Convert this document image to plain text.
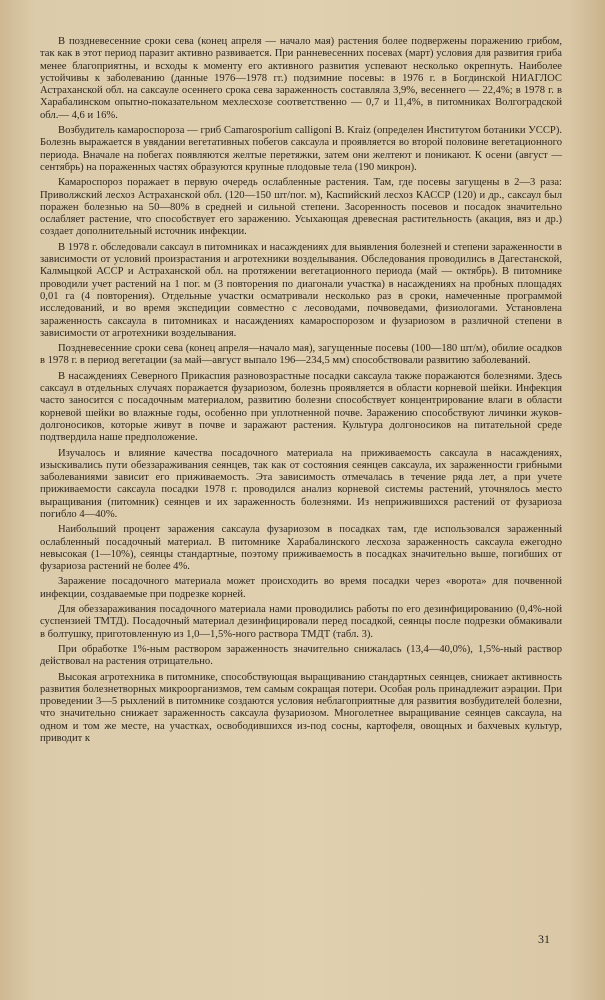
В поздневесенние сроки сева (конец апреля — начало мая) растения более подвержены поражению грибом, так как в этот период паразит активно развивается. При ранневесенних посевах (март) условия для развития гриба менее благоприятны, и всходы к моменту его активного развития успевают несколько окрепнуть. Наиболее устойчивы к заболеванию (данные 1976—1978 гг.) подзимние посевы: в 1976 г. в Богдинской НИАГЛОС Астраханской обл. на саксауле осеннего срока сева зараженность составляла 3,9%, весеннего — 22,4%; в 1978 г. в Харабалинском опытно-показательном мехлесхозе соответственно — 0,7 и 11,4%, в питомниках Волгоградской обл.— 4,6 и 16%.

Возбудитель камароспороза — гриб Camarosporium calligoni B. Kraiz (определен Институтом ботаники УССР). Болезнь выражается в увядании вегетативных побегов саксаула и проявляется во второй половине вегетационного периода. Вначале на побегах появляются желтые перетяжки, затем они желтеют и поникают. К осени (август — сентябрь) на пораженных частях образуются крупные плодовые тела (190 микрон).

Камароспороз поражает в первую очередь ослабленные растения. Там, где посевы загущены в 2—3 раза: Приволжский лесхоз Астраханской обл. (120—150 шт/пог. м), Каспийский лесхоз КАССР (120) и др., саксаул был поражен болезнью на 50—80% в средней и сильной степени. Засоренность посевов и посадок значительно ослабляет растение, что способствует его заражению. Усыхающая древесная растительность (акация, вяз и др.) создает дополнительный источник инфекции.

В 1978 г. обследовали саксаул в питомниках и насаждениях для выявления болезней и степени зараженности в зависимости от условий произрастания и агротехники возделывания. Обследования проводились в Дагестанской, Калмыцкой АССР и Астраханской обл. на протяжении вегетационного периода (май — октябрь). В питомнике проводили учет растений на 1 пог. м (3 повторения по диагонали участка) в насаждениях на пробных площадях 0,01 га (4 повторения). Отдельные участки осматривали несколько раз в сроки, намеченные программой исследований, и во время экспедиции совместно с лесоводами, почвоведами, физиологами. Установлена зараженность саксаула в питомниках и насаждениях камароспорозом и фузариозом в различной степени в зависимости от агротехники возделывания.

Поздневесенние сроки сева (конец апреля—начало мая), загущенные посевы (100—180 шт/м), обилие осадков в 1978 г. в период вегетации (за май—август выпало 196—234,5 мм) способствовали развитию заболеваний.

В насаждениях Северного Прикаспия разновозрастные посадки саксаула также поражаются болезнями. Здесь саксаул в отдельных случаях поражается фузариозом, болезнь проявляется в области корневой шейки. Инфекция часто заносится с посадочным материалом, развитию болезни способствует концентрирование влаги в области корневой шейки во влажные годы, особенно при уплотненной почве. Заражению способствуют личинки жуков-долгоносиков, которые живут в почве и заражают растения. Культура долгоносиков на питательной среде подтвердила наше предположение.

Изучалось и влияние качества посадочного материала на приживаемость саксаула в насаждениях, изыскивались пути обеззараживания сеянцев, так как от состояния сеянцев саксаула, их зараженности грибными заболеваниями зависит его приживаемость. Эта зависимость отмечалась в течение ряда лет, а при учете приживаемости саксаула посадки 1978 г. проводился анализ корневой системы растений, уточнялось место выращивания (питомник) сеянцев и их зараженность болезнями. Из неприжившихся растений от фузариоза погибло 4—40%.

Наибольший процент заражения саксаула фузариозом в посадках там, где использовался зараженный ослабленный посадочный материал. В питомнике Харабалинского лесхоза зараженность саксаула ежегодно невысокая (1—10%), сеянцы стандартные, поэтому приживаемость в посадках значительно выше, погибших от фузариоза растений не более 4%.

Заражение посадочного материала может происходить во время посадки через «ворота» для почвенной инфекции, создаваемые при подрезке корней.

Для обеззараживания посадочного материала нами проводились работы по его дезинфицированию (0,4%-ной суспензией ТМТД). Посадочный материал дезинфицировали перед посадкой, сеянцы после подрезки обмакивали в болтушку, приготовленную из 1,0—1,5%-ного раствора ТМДТ (табл. 3).

При обработке 1%-ным раствором зараженность значительно снижалась (13,4—40,0%), 1,5%-ный раствор действовал на растения отрицательно.

Высокая агротехника в питомнике, способствующая выращиванию стандартных сеянцев, снижает активность развития болезнетворных микроорганизмов, тем самым сокращая потери. Особая роль принадлежит аэрации. При проведении 3—5 рыхлений в питомнике создаются условия неблагоприятные для развития возбудителей болезни, что значительно снижает зараженность саксаула фузариозом. Многолетнее выращивание сеянцев саксаула, на одном и том же месте, на участках, освободившихся из-под сосны, картофеля, овощных и бахчевых культур, приводит к

31
